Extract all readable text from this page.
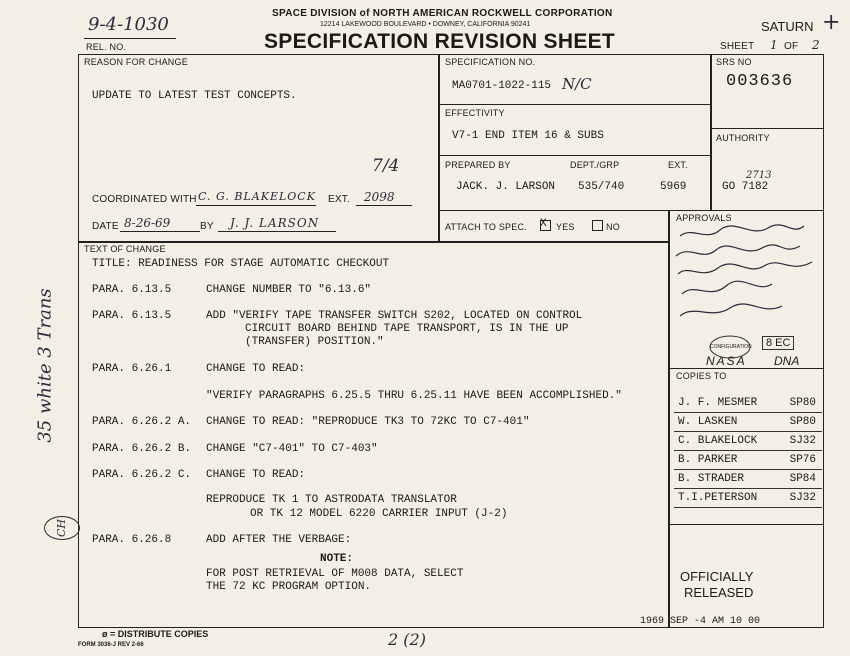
9-4-1030
REL. NO.
SPACE DIVISION of NORTH AMERICAN ROCKWELL CORPORATION
12214 LAKEWOOD BOULEVARD • DOWNEY, CALIFORNIA 90241
SPECIFICATION REVISION SHEET
SATURN +
SHEET 1 OF 2
REASON FOR CHANGE
UPDATE TO LATEST TEST CONCEPTS.
7/4
COORDINATED WITH C. G. BLAKELOCK EXT. 2098
DATE 8-26-69	BY J. J. LARSON
SPECIFICATION NO.
MA0701-1022-115 N/C
SRS NO
003636
EFFECTIVITY
V7-1 END ITEM 16 & SUBS	AUTHORITY
2713
GO 7182
PREPARED BY	DEPT./GRP	EXT.
JACK. J. LARSON 535/740	5969
ATTACH TO SPEC. X YES	NO
APPROVALS
CONFIGURATION	8 EC
NASA DNA
COPIES TO
J. F. MESMER	SP80
W. LASKEN	SP80
C. BLAKELOCK	SJ32
B. PARKER	SP76
B. STRADER	SP84
T.I.PETERSON	SJ32
OFFICIALLY
RELEASED
1969 SEP -4 AM 10 00
TEXT OF CHANGE
TITLE: READINESS FOR STAGE AUTOMATIC CHECKOUT
PARA. 6.13.5	CHANGE NUMBER TO "6.13.6"
PARA. 6.13.5	ADD "VERIFY TAPE TRANSFER SWITCH S202, LOCATED ON CONTROL
CIRCUIT BOARD BEHIND TAPE TRANSPORT, IS IN THE UP
(TRANSFER) POSITION."
PARA. 6.26.1	CHANGE TO READ:
"VERIFY PARAGRAPHS 6.25.5 THRU 6.25.11 HAVE BEEN ACCOMPLISHED."
PARA. 6.26.2 A. CHANGE TO READ: "REPRODUCE TK3 TO 72KC TO C7-401"
PARA. 6.26.2 B. CHANGE "C7-401" TO C7-403"
PARA. 6.26.2 C. CHANGE TO READ:
REPRODUCE TK 1 TO ASTRODATA TRANSLATOR
OR TK 12 MODEL 6220 CARRIER INPUT (J-2)
PARA. 6.26.8	ADD AFTER THE VERBAGE:
NOTE:
FOR POST RETRIEVAL OF M008 DATA, SELECT
THE 72 KC PROGRAM OPTION.
35 white 3 Trans
CH
ø = DISTRIBUTE COPIES
FORM 3036-J REV 2-66	2 (2)
